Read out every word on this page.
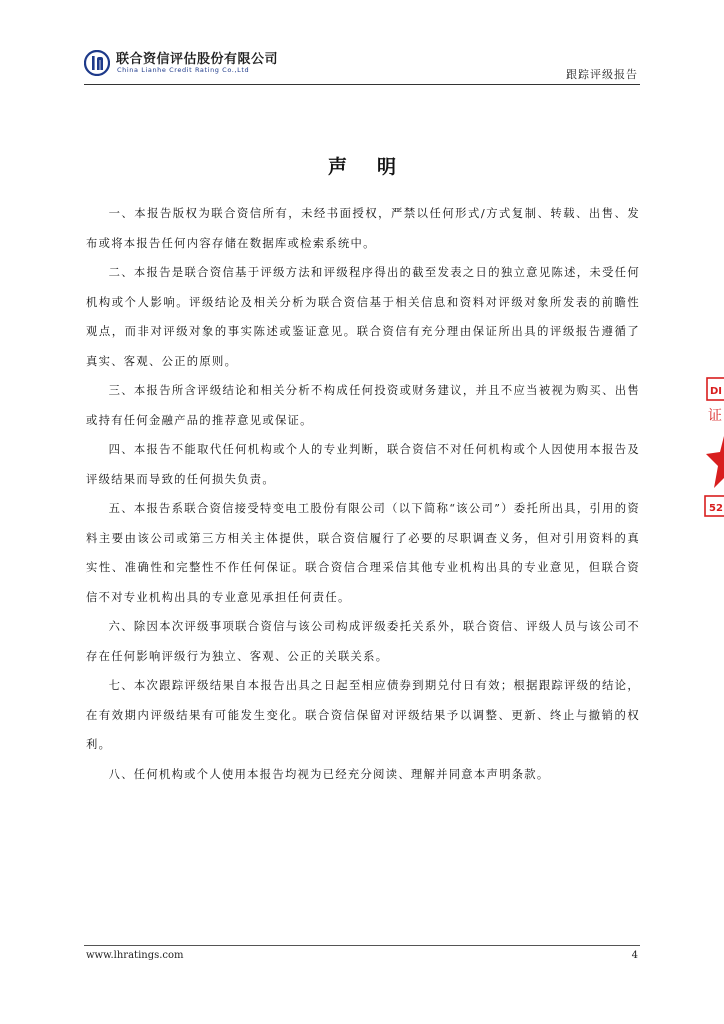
联合资信评估股份有限公司
China Lianhe Credit Rating Co.,Ltd	跟踪评级报告
声明

一、本报告版权为联合资信所有，未经书面授权，严禁以任何形式/方式复制、转载、出售、发布或将本报告任何内容存储在数据库或检索系统中。

二、本报告是联合资信基于评级方法和评级程序得出的截至发表之日的独立意见陈述，未受任何机构或个人影响。评级结论及相关分析为联合资信基于相关信息和资料对评级对象所发表的前瞻性观点，而非对评级对象的事实陈述或鉴证意见。联合资信有充分理由保证所出具的评级报告遵循了真实、客观、公正的原则。

三、本报告所含评级结论和相关分析不构成任何投资或财务建议，并且不应当被视为购买、出售或持有任何金融产品的推荐意见或保证。

四、本报告不能取代任何机构或个人的专业判断，联合资信不对任何机构或个人因使用本报告及评级结果而导致的任何损失负责。

五、本报告系联合资信接受特变电工股份有限公司（以下简称“该公司”）委托所出具，引用的资料主要由该公司或第三方相关主体提供，联合资信履行了必要的尽职调查义务，但对引用资料的真实性、准确性和完整性不作任何保证。联合资信合理采信其他专业机构出具的专业意见，但联合资信不对专业机构出具的专业意见承担任何责任。

六、除因本次评级事项联合资信与该公司构成评级委托关系外，联合资信、评级人员与该公司不存在任何影响评级行为独立、客观、公正的关联关系。

七、本次跟踪评级结果自本报告出具之日起至相应债券到期兑付日有效；根据跟踪评级的结论，在有效期内评级结果有可能发生变化。联合资信保留对评级结果予以调整、更新、终止与撤销的权利。

八、任何机构或个人使用本报告均视为已经充分阅读、理解并同意本声明条款。

DI
证
52
www.lhratings.com	4
